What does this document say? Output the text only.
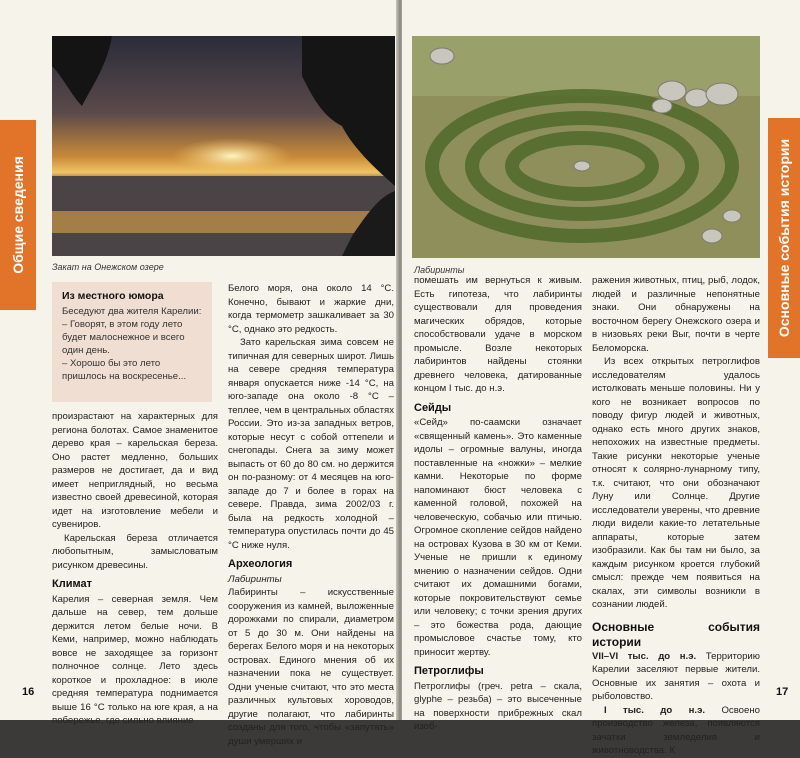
Закат на Онежском озере
Общие сведения
Из местного юмора

Беседуют два жителя Карелии:

– Говорят, в этом году лето будет малоснежное и всего один день.

– Хорошо бы это лето пришлось на воскресенье...

произрастают на характерных для региона болотах. Самое знаменитое дерево края – карельская береза. Оно растет медленно, больших размеров не достигает, да и вид имеет неприглядный, но весьма известно своей древесиной, которая идет на изготовление мебели и сувениров.

Карельская береза отличается любопытным, замысловатым рисунком древесины.

Климат

Карелия – северная земля. Чем дальше на север, тем дольше держится летом белые ночи. В Кеми, например, можно наблюдать вовсе не заходящее за горизонт полночное солнце. Лето здесь короткое и прохладное: в июле средняя температура поднимается выше 16 °С только на юге края, а на побережье, где сильно влияние

Белого моря, она около 14 °С. Конечно, бывают и жаркие дни, когда термометр зашкаливает за 30 °С, однако это редкость.

Зато карельская зима совсем не типичная для северных широт. Лишь на севере средняя температура января опускается ниже -14 °С, на юго-западе она около -8 °С – теплее, чем в центральных областях России. Это из-за западных ветров, которые несут с собой оттепели и снегопады. Снега за зиму может выпасть от 60 до 80 см. но держится он по-разному: от 4 месяцев на юго-западе до 7 и более в горах на севере. Правда, зима 2002/03 г. была на редкость холодной – температура опустилась почти до 45 °С ниже нуля.

Археология
Лабиринты

Лабиринты – искусственные сооружения из камней, выложенные дорожками по спирали, диаметром от 5 до 30 м. Они найдены на берегах Белого моря и на некоторых островах. Единого мнения об их назначении пока не существует. Одни ученые считают, что это места различных культовых хороводов, другие полагают, что лабиринты созданы для того, чтобы «запутать» души умерших и

16
Лабиринты	Основные события истории

помешать им вернуться к живым. Есть гипотеза, что лабиринты существовали для проведения магических обрядов, которые способствовали удаче в морском промысле. Возле некоторых лабиринтов найдены стоянки древнего человека, датированные концом I тыс. до н.э.

Сейды

«Сейд» по-саамски означает «священный камень». Это каменные идолы – огромные валуны, иногда поставленные на «ножки» – мелкие камни. Некоторые по форме напоминают бюст человека с каменной головой, похожей на человеческую, собачью или птичью. Огромное скопление сейдов найдено на островах Кузова в 30 км от Кеми. Ученые не пришли к единому мнению о назначении сейдов. Одни считают их домашними богами, которые покровительствуют семье или человеку; с точки зрения других – это божества рода, дающие промысловое счастье тому, кто приносит жертву.

Петроглифы

Петроглифы (греч. petra – скала, glyphe – резьба) – это высеченные на поверхности прибрежных скал изоб-

ражения животных, птиц, рыб, лодок, людей и различные непонятные знаки. Они обнаружены на восточном берегу Онежского озера и в низовьях реки Выг, почти в черте Беломорска.

Из всех открытых петроглифов исследователям удалось истолковать меньше половины. Ни у кого не возникает вопросов по поводу фигур людей и животных, однако есть много других знаков, непохожих на известные предметы. Такие рисунки некоторые ученые относят к солярно-лунарному типу, т.к. считают, что они обозначают Луну или Солнце. Другие исследователи уверены, что древние люди видели какие-то летательные аппараты, которые затем изобразили. Как бы там ни было, за каждым рисунком кроется глубокий смысл: прежде чем появиться на скалах, эти символы возникли в сознании людей.

Основные события истории

VII–VI тыс. до н.э. Территорию Карелии заселяют первые жители. Основные их занятия – охота и рыболовство.

I тыс. до н.э. Освоено производство железа, появляются зачатки земледелия и животноводства. К

17
